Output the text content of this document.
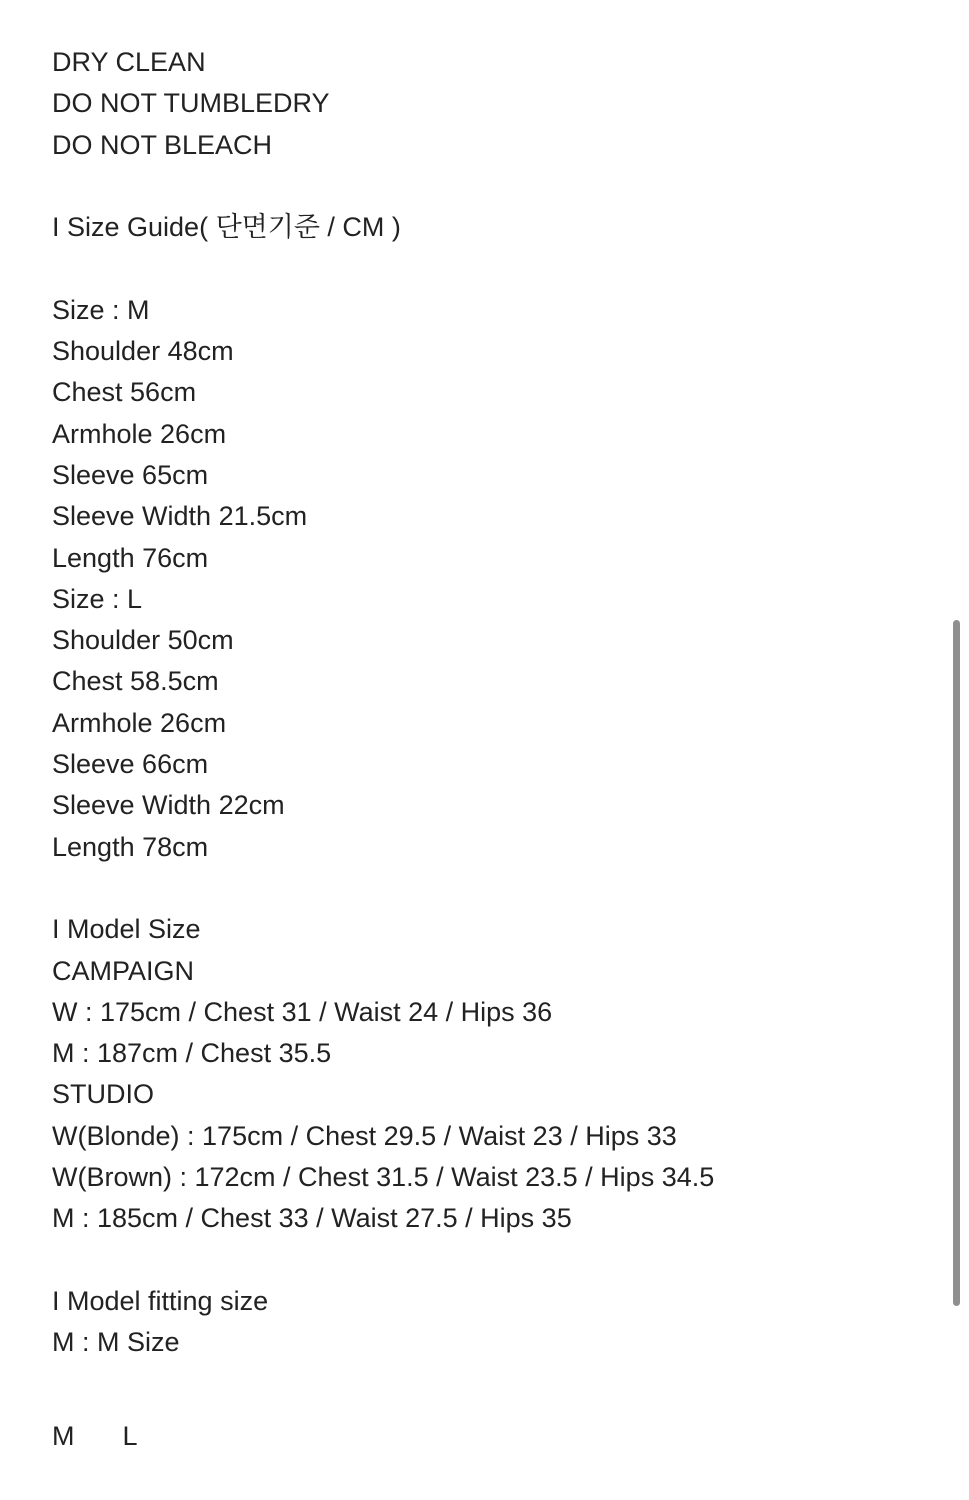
DRY CLEAN
DO NOT TUMBLEDRY
DO NOT BLEACH
I Size Guide( 단면기준 / CM )
Size : M
Shoulder 48cm
Chest 56cm
Armhole 26cm
Sleeve 65cm
Sleeve Width 21.5cm
Length 76cm
Size : L
Shoulder 50cm
Chest 58.5cm
Armhole 26cm
Sleeve 66cm
Sleeve Width 22cm
Length 78cm
I Model Size
CAMPAIGN
W : 175cm / Chest 31 / Waist 24 / Hips 36
M : 187cm / Chest 35.5
STUDIO
W(Blonde) : 175cm / Chest 29.5 / Waist 23 / Hips 33
W(Brown) : 172cm / Chest 31.5 / Waist 23.5 / Hips 34.5
M : 185cm / Chest 33 / Waist 27.5 / Hips 35
I Model fitting size
M : M Size
M L
